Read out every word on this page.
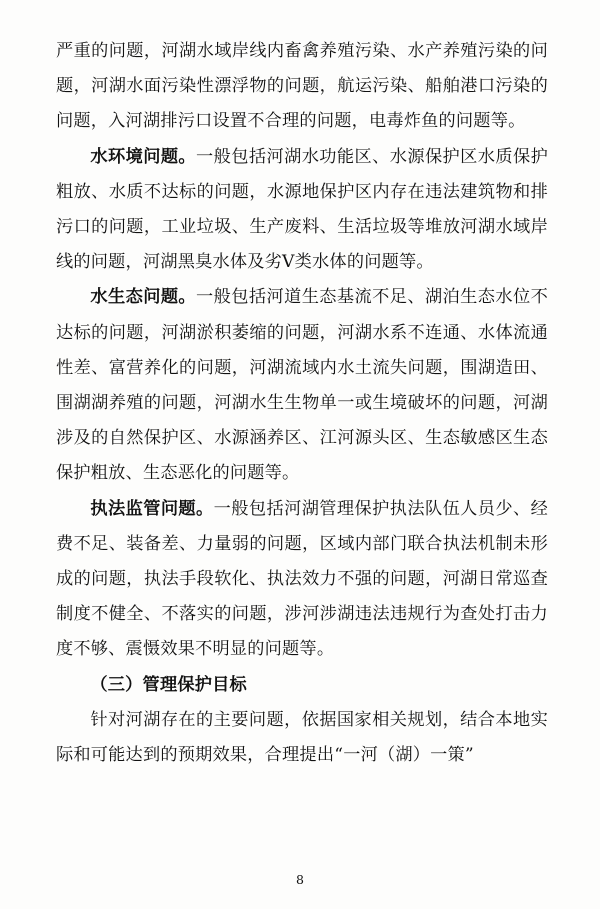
严重的问题，河湖水域岸线内畜禽养殖污染、水产养殖污染的问题，河湖水面污染性漂浮物的问题，航运污染、船舶港口污染的问题，入河湖排污口设置不合理的问题，电毒炸鱼的问题等。

水环境问题。一般包括河湖水功能区、水源保护区水质保护粗放、水质不达标的问题，水源地保护区内存在违法建筑物和排污口的问题，工业垃圾、生产废料、生活垃圾等堆放河湖水域岸线的问题，河湖黑臭水体及劣Ⅴ类水体的问题等。

水生态问题。一般包括河道生态基流不足、湖泊生态水位不达标的问题，河湖淤积萎缩的问题，河湖水系不连通、水体流通性差、富营养化的问题，河湖流域内水土流失问题，围湖造田、围湖湖养殖的问题，河湖水生生物单一或生境破坏的问题，河湖涉及的自然保护区、水源涵养区、江河源头区、生态敏感区生态保护粗放、生态恶化的问题等。

执法监管问题。一般包括河湖管理保护执法队伍人员少、经费不足、装备差、力量弱的问题，区域内部门联合执法机制未形成的问题，执法手段软化、执法效力不强的问题，河湖日常巡查制度不健全、不落实的问题，涉河涉湖违法违规行为查处打击力度不够、震慑效果不明显的问题等。

（三）管理保护目标

针对河湖存在的主要问题，依据国家相关规划，结合本地实际和可能达到的预期效果，合理提出“一河（湖）一策”

8
